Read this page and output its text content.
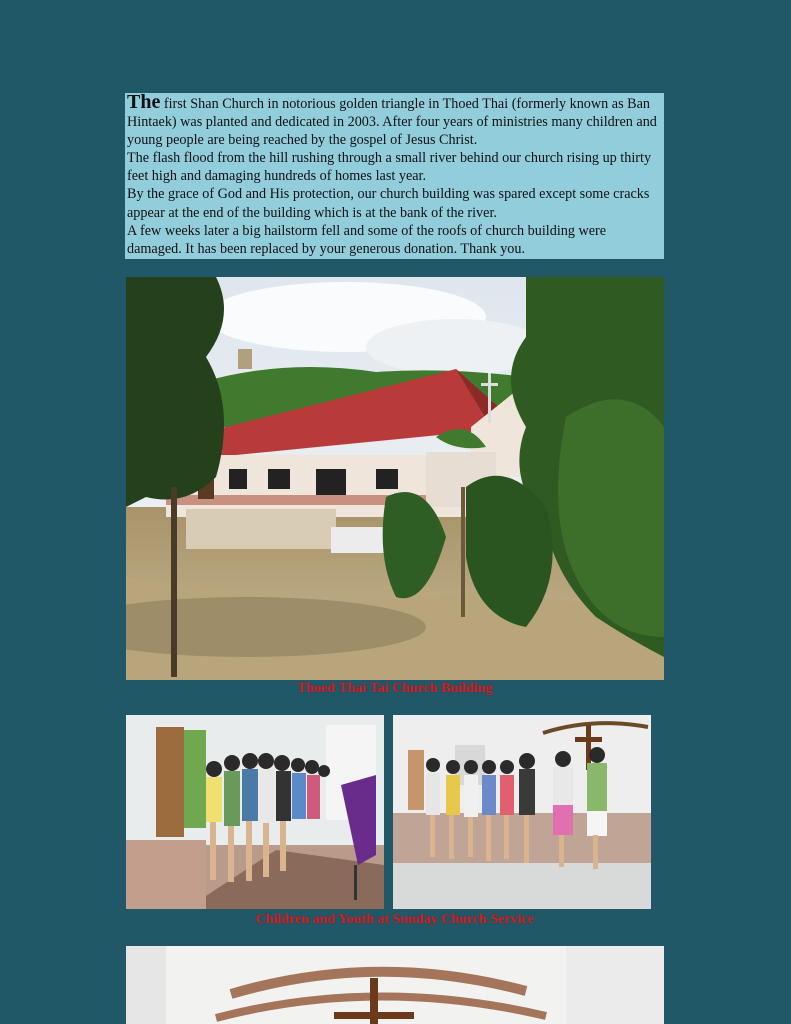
The first Shan Church in notorious golden triangle in Thoed Thai (formerly known as Ban Hintaek) was planted and dedicated in 2003. After four years of ministries many children and young people are being reached by the gospel of Jesus Christ.

The flash flood from the hill rushing through a small river behind our church rising up thirty feet high and damaging hundreds of homes last year.

By the grace of God and His protection, our church building was spared except some cracks appear at the end of the building which is at the bank of the river.

A few weeks later a big hailstorm fell and some of the roofs of church building were damaged. It has been replaced by your generous donation. Thank you.

Thoed Thai Tai Church Building
Children and Youth at Sunday Church Service
